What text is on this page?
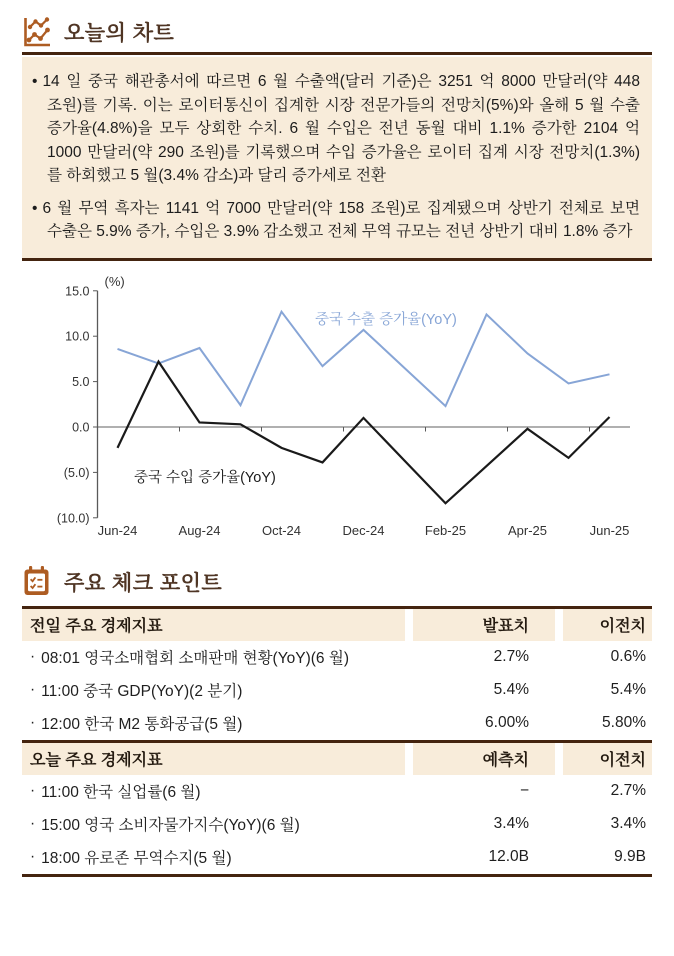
오늘의 차트

• 14 일 중국 해관총서에 따르면 6 월 수출액(달러 기준)은 3251 억 8000 만달러(약 448 조원)를 기록. 이는 로이터통신이 집계한 시장 전문가들의 전망치(5%)와 올해 5 월 수출 증가율(4.8%)을 모두 상회한 수치. 6 월 수입은 전년 동월 대비 1.1% 증가한 2104 억 1000 만달러(약 290 조원)를 기록했으며 수입 증가율은 로이터 집계 시장 전망치(1.3%)를 하회했고 5 월(3.4% 감소)과 달리 증가세로 전환

• 6 월 무역 흑자는 1141 억 7000 만달러(약 158 조원)로 집계됐으며 상반기 전체로 보면 수출은 5.9% 증가, 수입은 3.9% 감소했고 전체 무역 규모는 전년 상반기 대비 1.8% 증가

15.0
10.0
5.0
0.0
(5.0)
(10.0)
(%)
Jun-24	Aug-24	Oct-24	Dec-24	Feb-25	Apr-25	Jun-25
중국 수출 증가율(YoY)
중국 수입 증가율(YoY)
주요 체크 포인트
전일 주요 경제지표	발표치	이전치
· 08:01 영국소매협회 소매판매 현황(YoY)(6 월)	2.7%	0.6%
· 11:00 중국 GDP(YoY)(2 분기)	5.4%	5.4%
· 12:00 한국 M2 통화공급(5 월)	6.00%	5.80%
오늘 주요 경제지표	예측치	이전치
· 11:00 한국 실업률(6 월)	−	2.7%
· 15:00 영국 소비자물가지수(YoY)(6 월)	3.4%	3.4%
· 18:00 유로존 무역수지(5 월)	12.0B	9.9B
